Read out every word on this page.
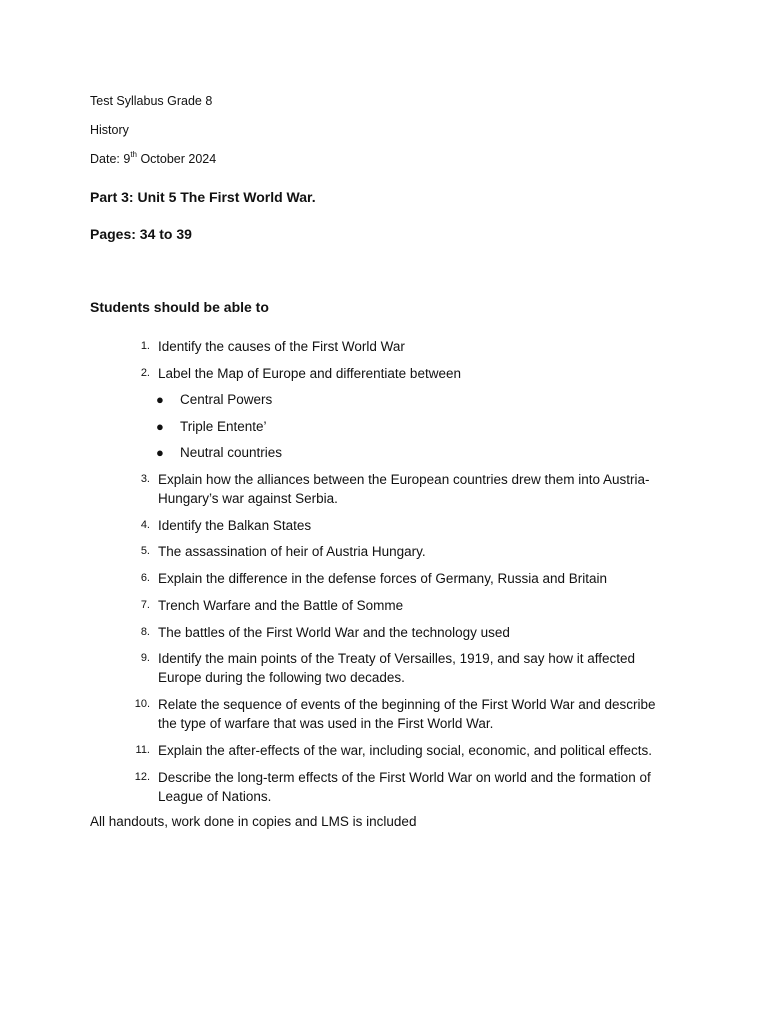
Test Syllabus Grade 8
History
Date: 9th October 2024
Part 3: Unit 5 The First World War.
Pages: 34 to 39
Students should be able to
1. Identify the causes of the First World War
2. Label the Map of Europe and differentiate between
● Central Powers
● Triple Entente’
● Neutral countries
3. Explain how the alliances between the European countries drew them into Austria-Hungary’s war against Serbia.
4. Identify the Balkan States
5. The assassination of heir of Austria Hungary.
6. Explain the difference in the defense forces of Germany, Russia and Britain
7. Trench Warfare and the Battle of Somme
8. The battles of the First World War and the technology used
9. Identify the main points of the Treaty of Versailles, 1919, and say how it affected Europe during the following two decades.
10. Relate the sequence of events of the beginning of the First World War and describe the type of warfare that was used in the First World War.
11. Explain the after-effects of the war, including social, economic, and political effects.
12. Describe the long-term effects of the First World War on world and the formation of League of Nations.
All handouts, work done in copies and LMS is included
